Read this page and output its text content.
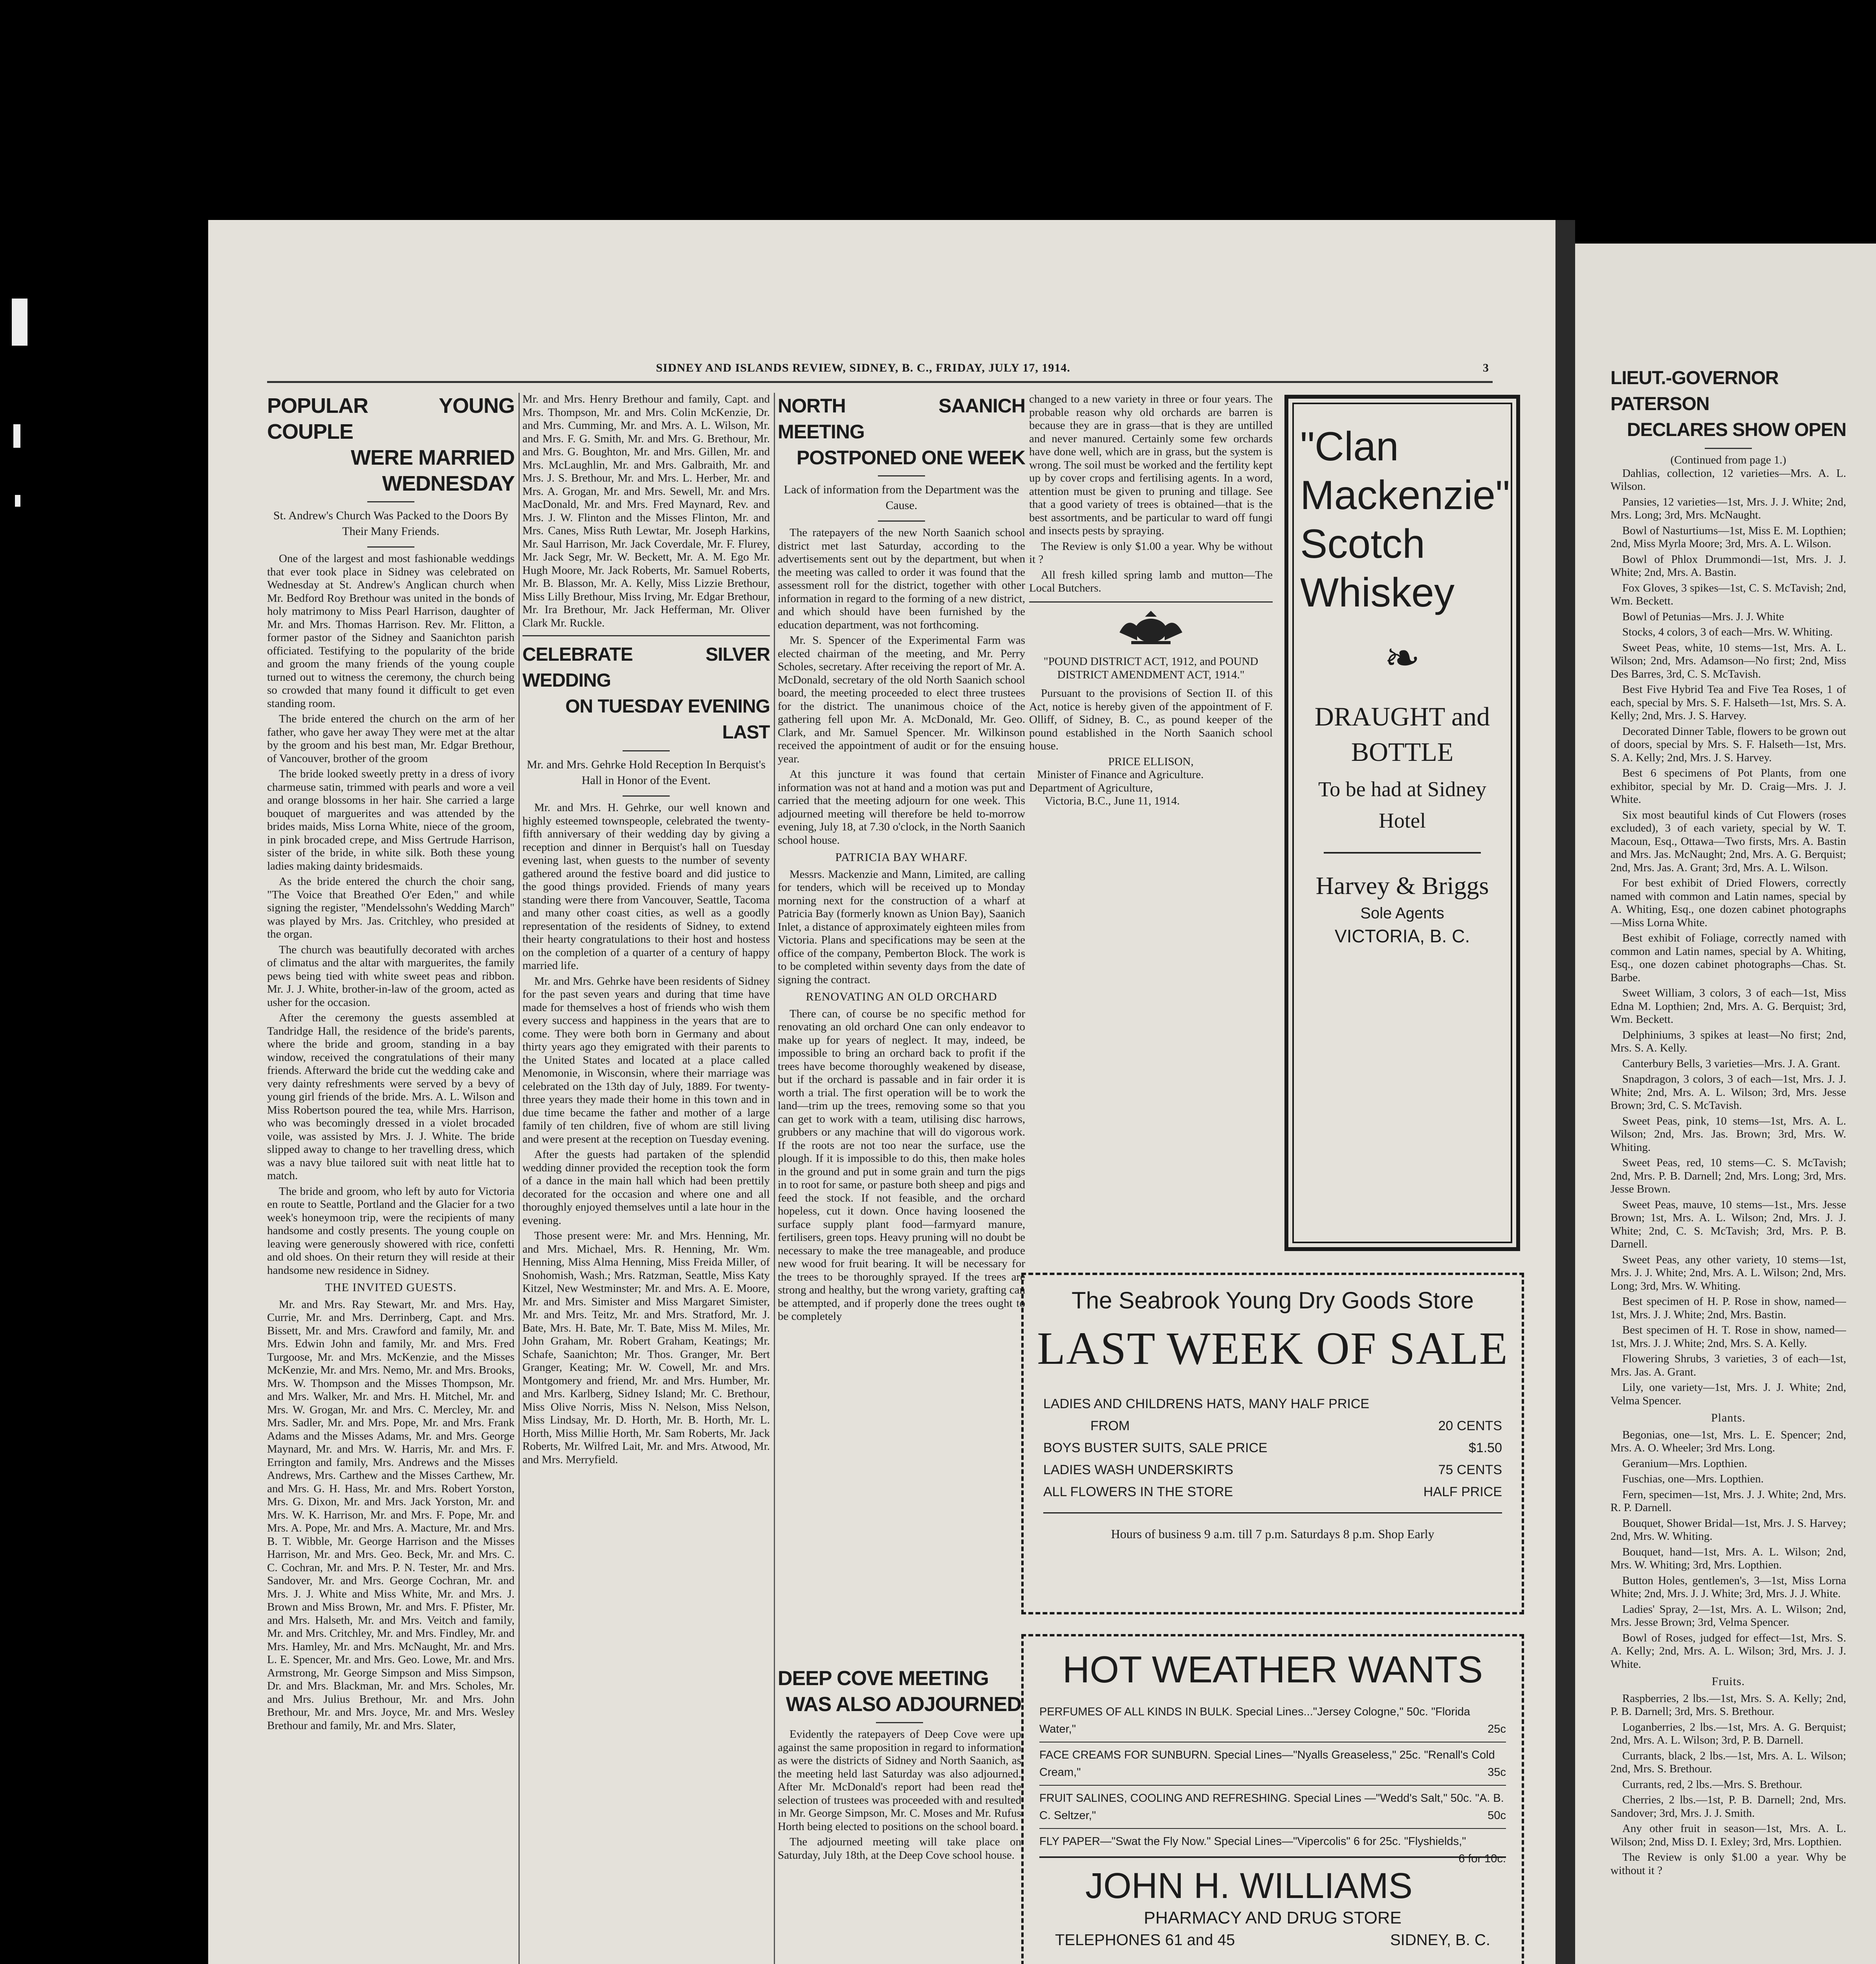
SIDNEY AND ISLANDS REVIEW, SIDNEY, B. C., FRIDAY, JULY 17, 1914.	3
POPULAR YOUNG COUPLE
WERE MARRIED WEDNESDAY
St. Andrew's Church Was Packed to the Doors By Their Many Friends.

One of the largest and most fashionable weddings that ever took place in Sidney was celebrated on Wednesday at St. Andrew's Anglican church when Mr. Bedford Roy Brethour was united in the bonds of holy matrimony to Miss Pearl Harrison, daughter of Mr. and Mrs. Thomas Harrison. Rev. Mr. Flitton, a former pastor of the Sidney and Saanichton parish officiated. Testifying to the popularity of the bride and groom the many friends of the young couple turned out to witness the ceremony, the church being so crowded that many found it difficult to get even standing room.

The bride entered the church on the arm of her father, who gave her away They were met at the altar by the groom and his best man, Mr. Edgar Brethour, of Vancouver, brother of the groom

The bride looked sweetly pretty in a dress of ivory charmeuse satin, trimmed with pearls and wore a veil and orange blossoms in her hair. She carried a large bouquet of marguerites and was attended by the brides maids, Miss Lorna White, niece of the groom, in pink brocaded crepe, and Miss Gertrude Harrison, sister of the bride, in white silk. Both these young ladies making dainty bridesmaids.

As the bride entered the church the choir sang, "The Voice that Breathed O'er Eden," and while signing the register, "Mendelssohn's Wedding March" was played by Mrs. Jas. Critchley, who presided at the organ.

The church was beautifully decorated with arches of climatus and the altar with marguerites, the family pews being tied with white sweet peas and ribbon. Mr. J. J. White, brother-in-law of the groom, acted as usher for the occasion.

After the ceremony the guests assembled at Tandridge Hall, the residence of the bride's parents, where the bride and groom, standing in a bay window, received the congratulations of their many friends. Afterward the bride cut the wedding cake and very dainty refreshments were served by a bevy of young girl friends of the bride. Mrs. A. L. Wilson and Miss Robertson poured the tea, while Mrs. Harrison, who was becomingly dressed in a violet brocaded voile, was assisted by Mrs. J. J. White. The bride slipped away to change to her travelling dress, which was a navy blue tailored suit with neat little hat to match.

The bride and groom, who left by auto for Victoria en route to Seattle, Portland and the Glacier for a two week's honeymoon trip, were the recipients of many handsome and costly presents. The young couple on leaving were generously showered with rice, confetti and old shoes. On their return they will reside at their handsome new residence in Sidney.

THE INVITED GUESTS.

Mr. and Mrs. Ray Stewart, Mr. and Mrs. Hay, Currie, Mr. and Mrs. Derrinberg, Capt. and Mrs. Bissett, Mr. and Mrs. Crawford and family, Mr. and Mrs. Edwin John and family, Mr. and Mrs. Fred Turgoose, Mr. and Mrs. McKenzie, and the Misses McKenzie, Mr. and Mrs. Nemo, Mr. and Mrs. Brooks, Mrs. W. Thompson and the Misses Thompson, Mr. and Mrs. Walker, Mr. and Mrs. H. Mitchel, Mr. and Mrs. W. Grogan, Mr. and Mrs. C. Mercley, Mr. and Mrs. Sadler, Mr. and Mrs. Pope, Mr. and Mrs. Frank Adams and the Misses Adams, Mr. and Mrs. George Maynard, Mr. and Mrs. W. Harris, Mr. and Mrs. F. Errington and family, Mrs. Andrews and the Misses Andrews, Mrs. Carthew and the Misses Carthew, Mr. and Mrs. G. H. Hass, Mr. and Mrs. Robert Yorston, Mrs. G. Dixon, Mr. and Mrs. Jack Yorston, Mr. and Mrs. W. K. Harrison, Mr. and Mrs. F. Pope, Mr. and Mrs. A. Pope, Mr. and Mrs. A. Macture, Mr. and Mrs. B. T. Wibble, Mr. George Harrison and the Misses Harrison, Mr. and Mrs. Geo. Beck, Mr. and Mrs. C. C. Cochran, Mr. and Mrs. P. N. Tester, Mr. and Mrs. Sandover, Mr. and Mrs. George Cochran, Mr. and Mrs. J. J. White and Miss White, Mr. and Mrs. J. Brown and Miss Brown, Mr. and Mrs. F. Pfister, Mr. and Mrs. Halseth, Mr. and Mrs. Veitch and family, Mr. and Mrs. Critchley, Mr. and Mrs. Findley, Mr. and Mrs. Hamley, Mr. and Mrs. McNaught, Mr. and Mrs. L. E. Spencer, Mr. and Mrs. Geo. Lowe, Mr. and Mrs. Armstrong, Mr. George Simpson and Miss Simpson, Dr. and Mrs. Blackman, Mr. and Mrs. Scholes, Mr. and Mrs. Julius Brethour, Mr. and Mrs. John Brethour, Mr. and Mrs. Joyce, Mr. and Mrs. Wesley Brethour and family, Mr. and Mrs. Slater,

Mr. and Mrs. Henry Brethour and family, Capt. and Mrs. Thompson, Mr. and Mrs. Colin McKenzie, Dr. and Mrs. Cumming, Mr. and Mrs. A. L. Wilson, Mr. and Mrs. F. G. Smith, Mr. and Mrs. G. Brethour, Mr. and Mrs. G. Boughton, Mr. and Mrs. Gillen, Mr. and Mrs. McLaughlin, Mr. and Mrs. Galbraith, Mr. and Mrs. J. S. Brethour, Mr. and Mrs. L. Herber, Mr. and Mrs. A. Grogan, Mr. and Mrs. Sewell, Mr. and Mrs. MacDonald, Mr. and Mrs. Fred Maynard, Rev. and Mrs. J. W. Flinton and the Misses Flinton, Mr. and Mrs. Canes, Miss Ruth Lewtar, Mr. Joseph Harkins, Mr. Saul Harrison, Mr. Jack Coverdale, Mr. F. Flurey, Mr. Jack Segr, Mr. W. Beckett, Mr. A. M. Ego Mr. Hugh Moore, Mr. Jack Roberts, Mr. Samuel Roberts, Mr. B. Blasson, Mr. A. Kelly, Miss Lizzie Brethour, Miss Lilly Brethour, Miss Irving, Mr. Edgar Brethour, Mr. Ira Brethour, Mr. Jack Hefferman, Mr. Oliver Clark Mr. Ruckle.

CELEBRATE SILVER WEDDING
ON TUESDAY EVENING LAST
Mr. and Mrs. Gehrke Hold Reception In Berquist's Hall in Honor of the Event.

Mr. and Mrs. H. Gehrke, our well known and highly esteemed townspeople, celebrated the twenty-fifth anniversary of their wedding day by giving a reception and dinner in Berquist's hall on Tuesday evening last, when guests to the number of seventy gathered around the festive board and did justice to the good things provided. Friends of many years standing were there from Vancouver, Seattle, Tacoma and many other coast cities, as well as a goodly representation of the residents of Sidney, to extend their hearty congratulations to their host and hostess on the completion of a quarter of a century of happy married life.

Mr. and Mrs. Gehrke have been residents of Sidney for the past seven years and during that time have made for themselves a host of friends who wish them every success and happiness in the years that are to come. They were both born in Germany and about thirty years ago they emigrated with their parents to the United States and located at a place called Menomonie, in Wisconsin, where their marriage was celebrated on the 13th day of July, 1889. For twenty-three years they made their home in this town and in due time became the father and mother of a large family of ten children, five of whom are still living and were present at the reception on Tuesday evening.

After the guests had partaken of the splendid wedding dinner provided the reception took the form of a dance in the main hall which had been prettily decorated for the occasion and where one and all thoroughly enjoyed themselves until a late hour in the evening.

Those present were: Mr. and Mrs. Henning, Mr. and Mrs. Michael, Mrs. R. Henning, Mr. Wm. Henning, Miss Alma Henning, Miss Freida Miller, of Snohomish, Wash.; Mrs. Ratzman, Seattle, Miss Katy Kitzel, New Westminster; Mr. and Mrs. A. E. Moore, Mr. and Mrs. Simister and Miss Margaret Simister, Mr. and Mrs. Teitz, Mr. and Mrs. Stratford, Mr. J. Bate, Mrs. H. Bate, Mr. T. Bate, Miss M. Miles, Mr. John Graham, Mr. Robert Graham, Keatings; Mr. Schafe, Saanichton; Mr. Thos. Granger, Mr. Bert Granger, Keating; Mr. W. Cowell, Mr. and Mrs. Montgomery and friend, Mr. and Mrs. Humber, Mr. and Mrs. Karlberg, Sidney Island; Mr. C. Brethour, Miss Olive Norris, Miss N. Nelson, Miss Nelson, Miss Lindsay, Mr. D. Horth, Mr. B. Horth, Mr. L. Horth, Miss Millie Horth, Mr. Sam Roberts, Mr. Jack Roberts, Mr. Wilfred Lait, Mr. and Mrs. Atwood, Mr. and Mrs. Merryfield.

NORTH SAANICH MEETING
POSTPONED ONE WEEK
Lack of information from the Department was the Cause.

The ratepayers of the new North Saanich school district met last Saturday, according to the advertisements sent out by the department, but when the meeting was called to order it was found that the assessment roll for the district, together with other information in regard to the forming of a new district, and which should have been furnished by the education department, was not forthcoming.

Mr. S. Spencer of the Experimental Farm was elected chairman of the meeting, and Mr. Perry Scholes, secretary. After receiving the report of Mr. A. McDonald, secretary of the old North Saanich school board, the meeting proceeded to elect three trustees for the district. The unanimous choice of the gathering fell upon Mr. A. McDonald, Mr. Geo. Clark, and Mr. Samuel Spencer. Mr. Wilkinson received the appointment of audit or for the ensuing year.

At this juncture it was found that certain information was not at hand and a motion was put and carried that the meeting adjourn for one week. This adjourned meeting will therefore be held to-morrow evening, July 18, at 7.30 o'clock, in the North Saanich school house.

PATRICIA BAY WHARF.

Messrs. Mackenzie and Mann, Limited, are calling for tenders, which will be received up to Monday morning next for the construction of a wharf at Patricia Bay (formerly known as Union Bay), Saanich Inlet, a distance of approximately eighteen miles from Victoria. Plans and specifications may be seen at the office of the company, Pemberton Block. The work is to be completed within seventy days from the date of signing the contract.

RENOVATING AN OLD ORCHARD

There can, of course be no specific method for renovating an old orchard One can only endeavor to make up for years of neglect. It may, indeed, be impossible to bring an orchard back to profit if the trees have become thoroughly weakened by disease, but if the orchard is passable and in fair order it is worth a trial. The first operation will be to work the land—trim up the trees, removing some so that you can get to work with a team, utilising disc harrows, grubbers or any machine that will do vigorous work. If the roots are not too near the surface, use the plough. If it is impossible to do this, then make holes in the ground and put in some grain and turn the pigs in to root for same, or pasture both sheep and pigs and feed the stock. If not feasible, and the orchard hopeless, cut it down. Once having loosened the surface supply plant food—farmyard manure, fertilisers, green tops. Heavy pruning will no doubt be necessary to make the tree manageable, and produce new wood for fruit bearing. It will be necessary for the trees to be thoroughly sprayed. If the trees are strong and healthy, but the wrong variety, grafting can be attempted, and if properly done the trees ought to be completely

changed to a new variety in three or four years. The probable reason why old orchards are barren is because they are in grass—that is they are untilled and never manured. Certainly some few orchards have done well, which are in grass, but the system is wrong. The soil must be worked and the fertility kept up by cover crops and fertilising agents. In a word, attention must be given to pruning and tillage. See that a good variety of trees is obtained—that is the best assortments, and be particular to ward off fungi and insects pests by spraying.

The Review is only $1.00 a year. Why be without it ?

All fresh killed spring lamb and mutton—The Local Butchers.

"POUND DISTRICT ACT, 1912, and POUND DISTRICT AMENDMENT ACT, 1914."

Pursuant to the provisions of Section II. of this Act, notice is hereby given of the appointment of F. Olliff, of Sidney, B. C., as pound keeper of the pound established in the North Saanich school house.

PRICE ELLISON,
Minister of Finance and Agriculture.
Department of Agriculture,
Victoria, B.C., June 11, 1914.
"Clan
Mackenzie"
Scotch
Whiskey
❧
DRAUGHT and
BOTTLE
To be had at Sidney
Hotel
Harvey & Briggs
Sole Agents
VICTORIA, B. C.
The Seabrook Young Dry Goods Store
LAST WEEK OF SALE
LADIES AND CHILDRENS HATS, MANY HALF PRICE
FROM	20 CENTS
BOYS BUSTER SUITS, SALE PRICE	$1.50
LADIES WASH UNDERSKIRTS	75 CENTS
ALL FLOWERS IN THE STORE	HALF PRICE
Hours of business 9 a.m. till 7 p.m. Saturdays 8 p.m. Shop Early
HOT WEATHER WANTS
PERFUMES OF ALL KINDS IN BULK. Special Lines..."Jersey Cologne," 50c. "Florida Water,"	25c
FACE CREAMS FOR SUNBURN. Special Lines—"Nyalls Greaseless," 25c. "Renall's Cold Cream,"	35c
FRUIT SALINES, COOLING AND REFRESHING. Special Lines —"Wedd's Salt," 50c. "A. B. C. Seltzer,"	50c
FLY PAPER—"Swat the Fly Now." Special Lines—"Vipercolis" 6 for 25c. "Flyshields,"
6 for 10c.
JOHN H. WILLIAMS
PHARMACY AND DRUG STORE
TELEPHONES 61 and 45	SIDNEY, B. C.
DEEP COVE MEETING
WAS ALSO ADJOURNED

Evidently the ratepayers of Deep Cove were up against the same proposition in regard to information as were the districts of Sidney and North Saanich, as the meeting held last Saturday was also adjourned. After Mr. McDonald's report had been read the selection of trustees was proceeded with and resulted in Mr. George Simpson, Mr. C. Moses and Mr. Rufus Horth being elected to positions on the school board.

The adjourned meeting will take place on Saturday, July 18th, at the Deep Cove school house.

LIEUT.-GOVERNOR PATERSON
DECLARES SHOW OPEN
(Continued from page 1.)

Dahlias, collection, 12 varieties—Mrs. A. L. Wilson.

Pansies, 12 varieties—1st, Mrs. J. J. White; 2nd, Mrs. Long; 3rd, Mrs. McNaught.

Bowl of Nasturtiums—1st, Miss E. M. Lopthien; 2nd, Miss Myrla Moore; 3rd, Mrs. A. L. Wilson.

Bowl of Phlox Drummondi—1st, Mrs. J. J. White; 2nd, Mrs. A. Bastin.

Fox Gloves, 3 spikes—1st, C. S. McTavish; 2nd, Wm. Beckett.

Bowl of Petunias—Mrs. J. J. White

Stocks, 4 colors, 3 of each—Mrs. W. Whiting.

Sweet Peas, white, 10 stems—1st, Mrs. A. L. Wilson; 2nd, Mrs. Adamson—No first; 2nd, Miss Des Barres, 3rd, C. S. McTavish.

Best Five Hybrid Tea and Five Tea Roses, 1 of each, special by Mrs. S. F. Halseth—1st, Mrs. S. A. Kelly; 2nd, Mrs. J. S. Harvey.

Decorated Dinner Table, flowers to be grown out of doors, special by Mrs. S. F. Halseth—1st, Mrs. S. A. Kelly; 2nd, Mrs. J. S. Harvey.

Best 6 specimens of Pot Plants, from one exhibitor, special by Mr. D. Craig—Mrs. J. J. White.

Six most beautiful kinds of Cut Flowers (roses excluded), 3 of each variety, special by W. T. Macoun, Esq., Ottawa—Two firsts, Mrs. A. Bastin and Mrs. Jas. McNaught; 2nd, Mrs. A. G. Berquist; 2nd, Mrs. Jas. A. Grant; 3rd, Mrs. A. L. Wilson.

For best exhibit of Dried Flowers, correctly named with common and Latin names, special by A. Whiting, Esq., one dozen cabinet photographs —Miss Lorna White.

Best exhibit of Foliage, correctly named with common and Latin names, special by A. Whiting, Esq., one dozen cabinet photographs—Chas. St. Barbe.

Sweet William, 3 colors, 3 of each—1st, Miss Edna M. Lopthien; 2nd, Mrs. A. G. Berquist; 3rd, Wm. Beckett.

Delphiniums, 3 spikes at least—No first; 2nd, Mrs. S. A. Kelly.

Canterbury Bells, 3 varieties—Mrs. J. A. Grant.

Snapdragon, 3 colors, 3 of each—1st, Mrs. J. J. White; 2nd, Mrs. A. L. Wilson; 3rd, Mrs. Jesse Brown; 3rd, C. S. McTavish.

Sweet Peas, pink, 10 stems—1st, Mrs. A. L. Wilson; 2nd, Mrs. Jas. Brown; 3rd, Mrs. W. Whiting.

Sweet Peas, red, 10 stems—C. S. McTavish; 2nd, Mrs. P. B. Darnell; 2nd, Mrs. Long; 3rd, Mrs. Jesse Brown.

Sweet Peas, mauve, 10 stems—1st., Mrs. Jesse Brown; 1st, Mrs. A. L. Wilson; 2nd, Mrs. J. J. White; 2nd, C. S. McTavish; 3rd, Mrs. P. B. Darnell.

Sweet Peas, any other variety, 10 stems—1st, Mrs. J. J. White; 2nd, Mrs. A. L. Wilson; 2nd, Mrs. Long; 3rd, Mrs. W. Whiting.

Best specimen of H. P. Rose in show, named—1st, Mrs. J. J. White; 2nd, Mrs. Bastin.

Best specimen of H. T. Rose in show, named—1st, Mrs. J. J. White; 2nd, Mrs. S. A. Kelly.

Flowering Shrubs, 3 varieties, 3 of each—1st, Mrs. Jas. A. Grant.

Lily, one variety—1st, Mrs. J. J. White; 2nd, Velma Spencer.

Plants.

Begonias, one—1st, Mrs. L. E. Spencer; 2nd, Mrs. A. O. Wheeler; 3rd Mrs. Long.

Geranium—Mrs. Lopthien.

Fuschias, one—Mrs. Lopthien.

Fern, specimen—1st, Mrs. J. J. White; 2nd, Mrs. R. P. Darnell.

Bouquet, Shower Bridal—1st, Mrs. J. S. Harvey; 2nd, Mrs. W. Whiting.

Bouquet, hand—1st, Mrs. A. L. Wilson; 2nd, Mrs. W. Whiting; 3rd, Mrs. Lopthien.

Button Holes, gentlemen's, 3—1st, Miss Lorna White; 2nd, Mrs. J. J. White; 3rd, Mrs. J. J. White.

Ladies' Spray, 2—1st, Mrs. A. L. Wilson; 2nd, Mrs. Jesse Brown; 3rd, Velma Spencer.

Bowl of Roses, judged for effect—1st, Mrs. S. A. Kelly; 2nd, Mrs. A. L. Wilson; 3rd, Mrs. J. J. White.

Fruits.

Raspberries, 2 lbs.—1st, Mrs. S. A. Kelly; 2nd, P. B. Darnell; 3rd, Mrs. S. Brethour.

Loganberries, 2 lbs.—1st, Mrs. A. G. Berquist; 2nd, Mrs. A. L. Wilson; 3rd, P. B. Darnell.

Currants, black, 2 lbs.—1st, Mrs. A. L. Wilson; 2nd, Mrs. S. Brethour.

Currants, red, 2 lbs.—Mrs. S. Brethour.

Cherries, 2 lbs.—1st, P. B. Darnell; 2nd, Mrs. Sandover; 3rd, Mrs. J. J. Smith.

Any other fruit in season—1st, Mrs. A. L. Wilson; 2nd, Miss D. I. Exley; 3rd, Mrs. Lopthien.

The Review is only $1.00 a year. Why be without it ?
